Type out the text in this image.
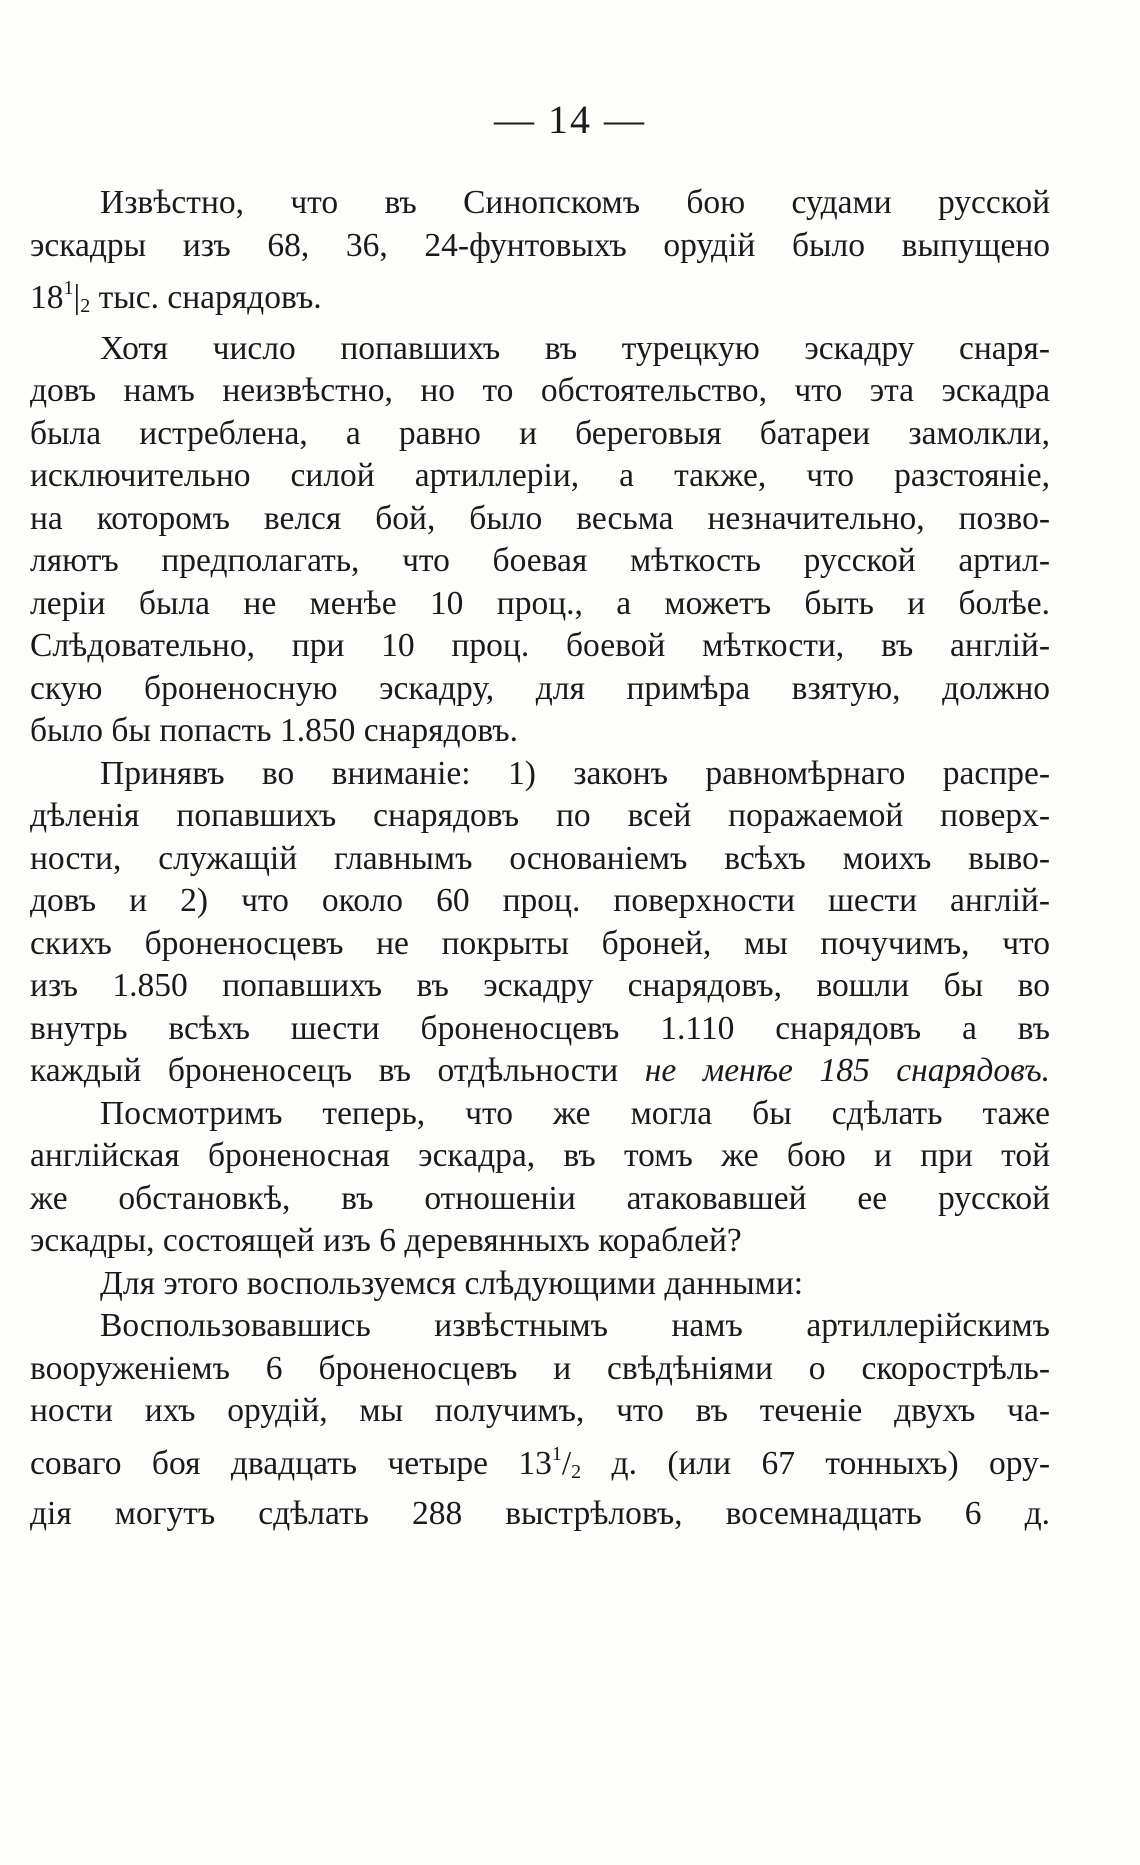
— 14 —
Извѣстно, что въ Синопскомъ бою судами русской
эскадры изъ 68, 36, 24-фунтовыхъ орудій было выпущено
$18^1|_2$ тыс. снарядовъ.
Хотя число попавшихъ въ турецкую эскадру снаря-
довъ намъ неизвѣстно, но то обстоятельство, что эта эскадра
была истреблена, а равно и береговыя батареи замолкли,
исключительно силой артиллеріи, а также, что разстояніе,
на которомъ велся бой, было весьма незначительно, позво-
ляютъ предполагать, что боевая мѣткость русской артил-
леріи была не менѣе 10 проц., а можетъ быть и болѣе.
Слѣдовательно, при 10 проц. боевой мѣткости, въ англій-
скую броненосную эскадру, для примѣра взятую, должно
было бы попасть 1.850 снарядовъ.
Принявъ во вниманіе: 1) законъ равномѣрнаго распре-
дѣленія попавшихъ снарядовъ по всей поражаемой поверх-
ности, служащій главнымъ основаніемъ всѣхъ моихъ выво-
довъ и 2) что около 60 проц. поверхности шести англій-
скихъ броненосцевъ не покрыты броней, мы почучимъ, что
изъ 1.850 попавшихъ въ эскадру снарядовъ, вошли бы во
внутрь всѣхъ шести броненосцевъ 1.110 снарядовъ а въ
каждый броненосецъ въ отдѣльности не менѣе 185 снарядовъ.
Посмотримъ теперь, что же могла бы сдѣлать таже
англійская броненосная эскадра, въ томъ же бою и при той
же обстановкѣ, въ отношеніи атаковавшей ее русской
эскадры, состоящей изъ 6 деревянныхъ кораблей?
Для этого воспользуемся слѣдующими данными:
Воспользовавшись извѣстнымъ намъ артиллерійскимъ
вооруженіемъ 6 броненосцевъ и свѣдѣніями о скорострѣль-
ности ихъ орудій, мы получимъ, что въ теченіе двухъ ча-
соваго боя двадцать четыре $13^1/_2$ д. (или 67 тонныхъ) ору-
дія могутъ сдѣлать 288 выстрѣловъ, восемнадцать 6 д.
